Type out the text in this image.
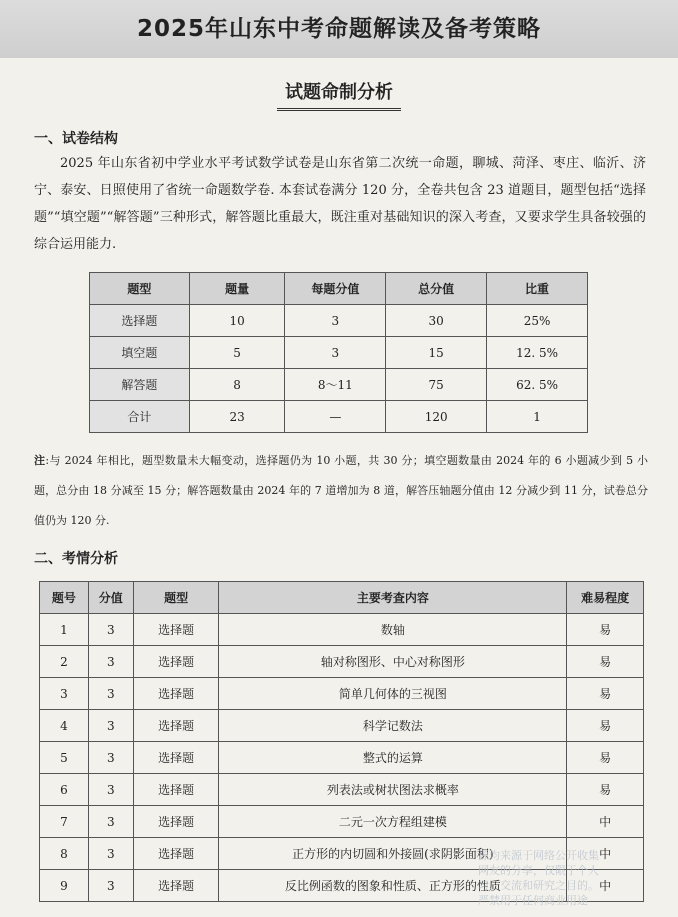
2025年山东中考命题解读及备考策略
试题命制分析
一、试卷结构
2025 年山东省初中学业水平考试数学试卷是山东省第二次统一命题，聊城、菏泽、枣庄、临沂、济宁、泰安、日照使用了省统一命题数学卷. 本套试卷满分 120 分，全卷共包含 23 道题目，题型包括“选择题”“填空题”“解答题”三种形式，解答题比重最大，既注重对基础知识的深入考查，又要求学生具备较强的综合运用能力.
题型	题量	每题分值	总分值	比重
选择题	10	3	30	25%
填空题	5	3	15	12. 5%
解答题	8	8～11	75	62. 5%
合计	23	—	120	1
注:与 2024 年相比，题型数量未大幅变动，选择题仍为 10 小题，共 30 分；填空题数量由 2024 年的 6 小题减少到 5 小题，总分由 18 分减至 15 分；解答题数量由 2024 年的 7 道增加为 8 道，解答压轴题分值由 12 分减少到 11 分，试卷总分值仍为 120 分.
二、考情分析
题号	分值	题型	主要考查内容	难易程度
1	3	选择题	数轴	易
2	3	选择题	轴对称图形、中心对称图形	易
3	3	选择题	简单几何体的三视图	易
4	3	选择题	科学记数法	易
5	3	选择题	整式的运算	易
6	3	选择题	列表法或树状图法求概率	易
7	3	选择题	二元一次方程组建模	中
8	3	选择题	正方形的内切圆和外接圆(求阴影面积)	中
9	3	选择题	反比例函数的图象和性质、正方形的性质	中
源均来源于网络公开收集
网友的分享，仅限于个人
习、交流和研究之目的。
严禁用于任何商业用途
